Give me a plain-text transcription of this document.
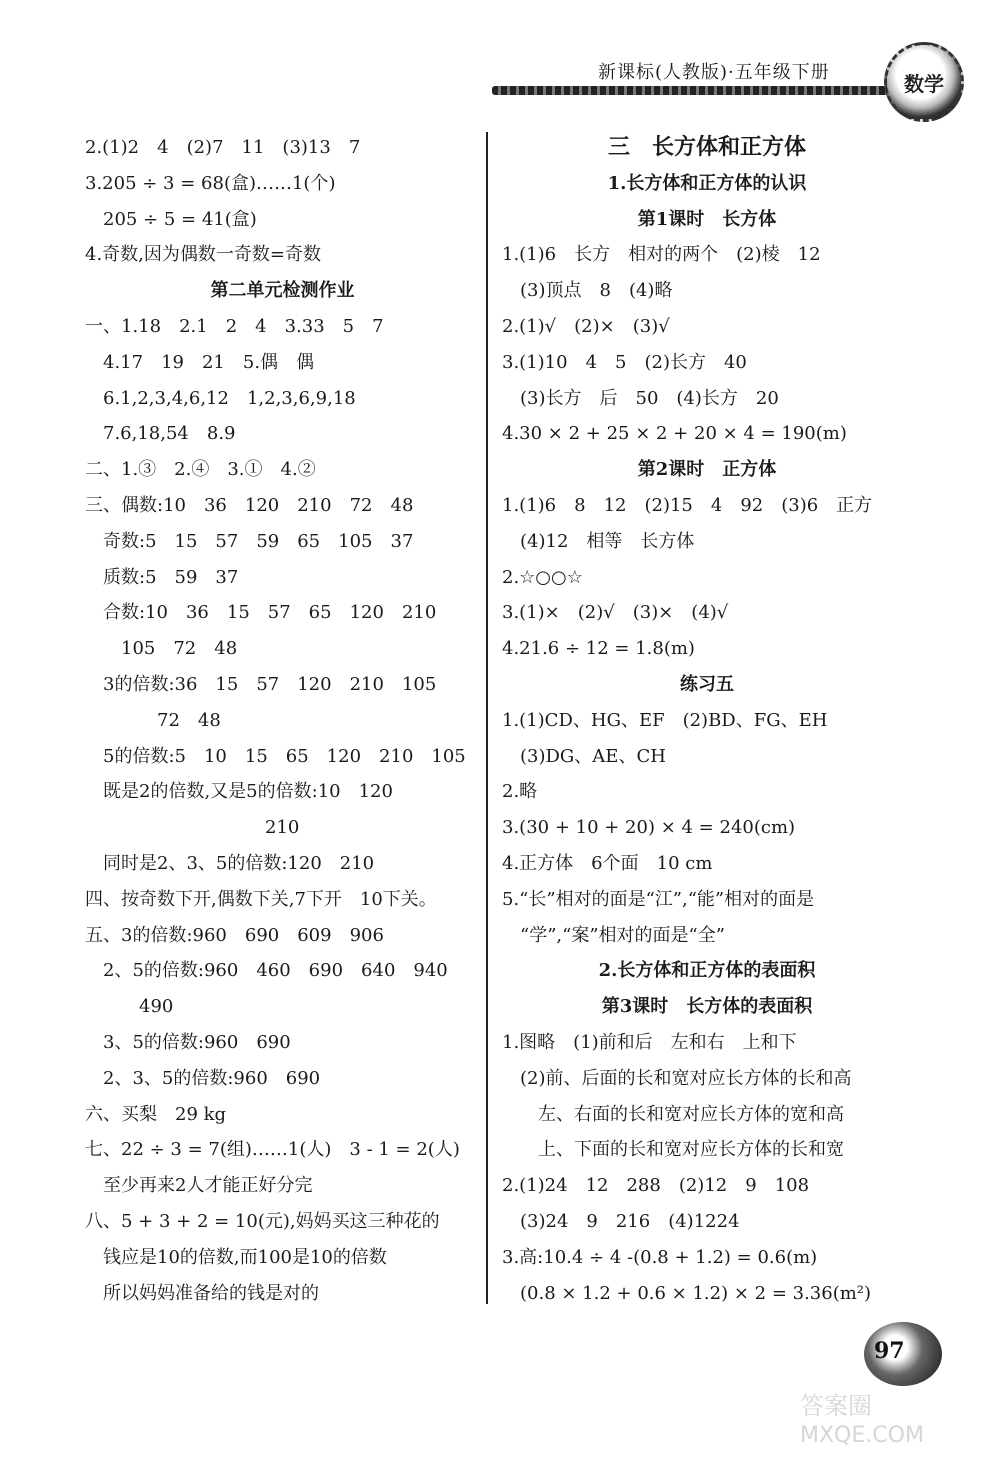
新课标(人教版)·五年级下册	数学
2.(1)2　4　(2)7　11　(3)13　7
3.205 ÷ 3 = 68(盒)……1(个)
　205 ÷ 5 = 41(盒)
4.奇数,因为偶数一奇数=奇数
第二单元检测作业
一、1.18　2.1　2　4　3.33　5　7
　4.17　19　21　5.偶　偶
　6.1,2,3,4,6,12　1,2,3,6,9,18
　7.6,18,54　8.9
二、1.③　2.④　3.①　4.②
三、偶数:10　36　120　210　72　48
　奇数:5　15　57　59　65　105　37
　质数:5　59　37
　合数:10　36　15　57　65　120　210
　　105　72　48
　3的倍数:36　15　57　120　210　105
　　　　72　48
　5的倍数:5　10　15　65　120　210　105
　既是2的倍数,又是5的倍数:10　120
　　　　　　　　　　210
　同时是2、3、5的倍数:120　210
四、按奇数下开,偶数下关,7下开　10下关。
五、3的倍数:960　690　609　906
　2、5的倍数:960　460　690　640　940
　　　490
　3、5的倍数:960　690
　2、3、5的倍数:960　690
六、买梨　29 kg
七、22 ÷ 3 = 7(组)……1(人)　3 - 1 = 2(人)
　至少再来2人才能正好分完
八、5 + 3 + 2 = 10(元),妈妈买这三种花的
　钱应是10的倍数,而100是10的倍数
　所以妈妈准备给的钱是对的
三　长方体和正方体
1.长方体和正方体的认识
第1课时　长方体
1.(1)6　长方　相对的两个　(2)棱　12
　(3)顶点　8　(4)略
2.(1)√　(2)×　(3)√
3.(1)10　4　5　(2)长方　40
　(3)长方　后　50　(4)长方　20
4.30 × 2 + 25 × 2 + 20 × 4 = 190(m)
第2课时　正方体
1.(1)6　8　12　(2)15　4　92　(3)6　正方
　(4)12　相等　长方体
2.☆○○☆
3.(1)×　(2)√　(3)×　(4)√
4.21.6 ÷ 12 = 1.8(m)
练习五
1.(1)CD、HG、EF　(2)BD、FG、EH
　(3)DG、AE、CH
2.略
3.(30 + 10 + 20) × 4 = 240(cm)
4.正方体　6个面　10 cm
5.“长”相对的面是“江”,“能”相对的面是
　“学”,“案”相对的面是“全”
2.长方体和正方体的表面积
第3课时　长方体的表面积
1.图略　(1)前和后　左和右　上和下
　(2)前、后面的长和宽对应长方体的长和高
　　左、右面的长和宽对应长方体的宽和高
　　上、下面的长和宽对应长方体的长和宽
2.(1)24　12　288　(2)12　9　108
　(3)24　9　216　(4)1224
3.高:10.4 ÷ 4 -(0.8 + 1.2) = 0.6(m)
　(0.8 × 1.2 + 0.6 × 1.2) × 2 = 3.36(m²)
97
答案圈
MXQE.COM
